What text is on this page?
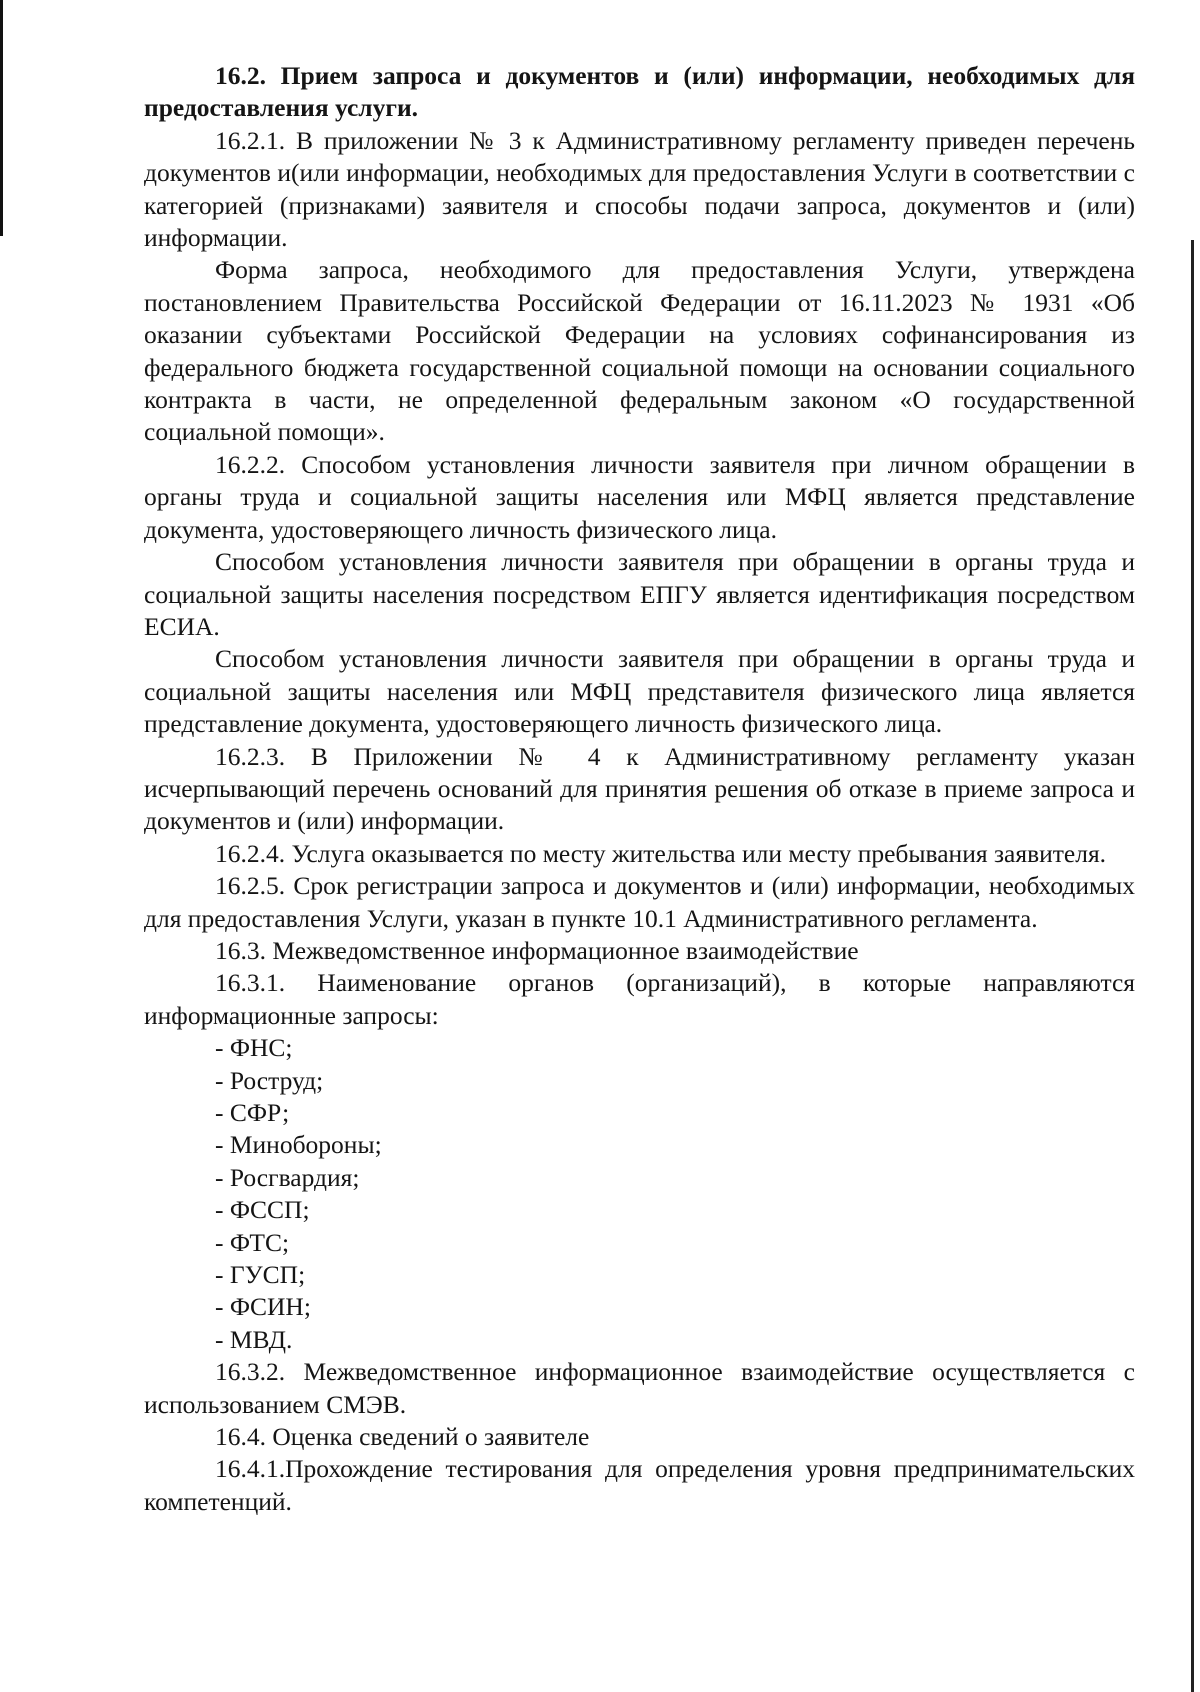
16.2. Прием запроса и документов и (или) информации, необходимых для предоставления услуги.

16.2.1. В приложении № 3 к Административному регламенту приведен перечень документов и(или информации, необходимых для предоставления Услуги в соответствии с категорией (признаками) заявителя и способы подачи запроса, документов и (или) информации.

Форма запроса, необходимого для предоставления Услуги, утверждена постановлением Правительства Российской Федерации от 16.11.2023 № 1931 «Об оказании субъектами Российской Федерации на условиях софинансирования из федерального бюджета государственной социальной помощи на основании социального контракта в части, не определенной федеральным законом «О государственной социальной помощи».

16.2.2. Способом установления личности заявителя при личном обращении в органы труда и социальной защиты населения или МФЦ является представление документа, удостоверяющего личность физического лица.

Способом установления личности заявителя при обращении в органы труда и социальной защиты населения посредством ЕПГУ является идентификация посредством ЕСИА.

Способом установления личности заявителя при обращении в органы труда и социальной защиты населения или МФЦ представителя физического лица является представление документа, удостоверяющего личность физического лица.

16.2.3. В Приложении № 4 к Административному регламенту указан исчерпывающий перечень оснований для принятия решения об отказе в приеме запроса и документов и (или) информации.

16.2.4. Услуга оказывается по месту жительства или месту пребывания заявителя.

16.2.5. Срок регистрации запроса и документов и (или) информации, необходимых для предоставления Услуги, указан в пункте 10.1 Административного регламента.

16.3. Межведомственное информационное взаимодействие

16.3.1. Наименование органов (организаций), в которые направляются информационные запросы:

- ФНС;

- Роструд;

- СФР;

- Минобороны;

- Росгвардия;

- ФССП;

- ФТС;

- ГУСП;

- ФСИН;

- МВД.

16.3.2. Межведомственное информационное взаимодействие осуществляется с использованием СМЭВ.

16.4. Оценка сведений о заявителе

16.4.1.Прохождение тестирования для определения уровня предпринимательских компетенций.
